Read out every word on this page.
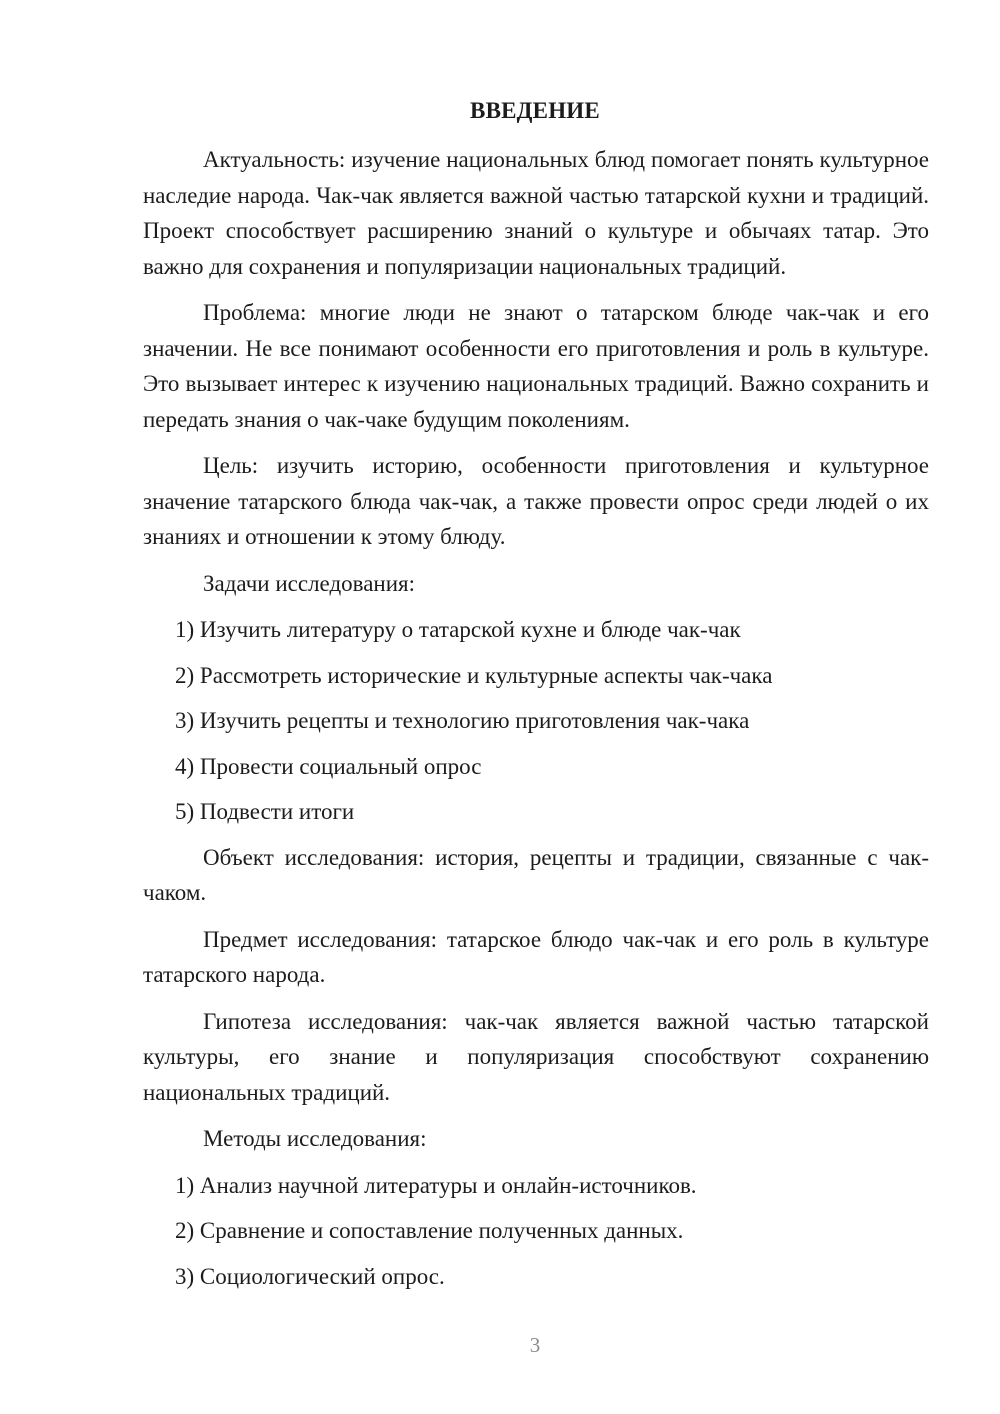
ВВЕДЕНИЕ

Актуальность: изучение национальных блюд помогает понять культурное наследие народа. Чак-чак является важной частью татарской кухни и традиций. Проект способствует расширению знаний о культуре и обычаях татар. Это важно для сохранения и популяризации национальных традиций.

Проблема: многие люди не знают о татарском блюде чак-чак и его значении. Не все понимают особенности его приготовления и роль в культуре. Это вызывает интерес к изучению национальных традиций. Важно сохранить и передать знания о чак-чаке будущим поколениям.

Цель: изучить историю, особенности приготовления и культурное значение татарского блюда чак-чак, а также провести опрос среди людей о их знаниях и отношении к этому блюду.

Задачи исследования:

1) Изучить литературу о татарской кухне и блюде чак-чак
2) Рассмотреть исторические и культурные аспекты чак-чака
3) Изучить рецепты и технологию приготовления чак-чака
4) Провести социальный опрос
5) Подвести итоги

Объект исследования: история, рецепты и традиции, связанные с чак-чаком.

Предмет исследования: татарское блюдо чак-чак и его роль в культуре татарского народа.

Гипотеза исследования: чак-чак является важной частью татарской культуры, его знание и популяризация способствуют сохранению национальных традиций.

Методы исследования:

1) Анализ научной литературы и онлайн-источников.
2) Сравнение и сопоставление полученных данных.
3) Социологический опрос.
3
